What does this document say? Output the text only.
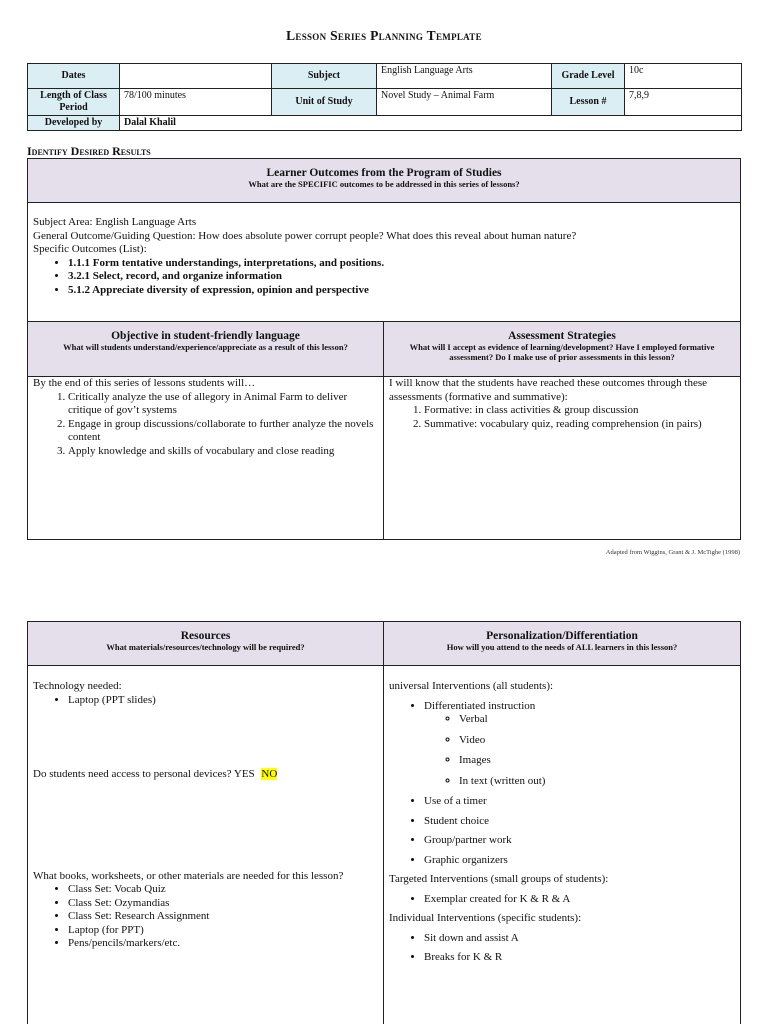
Lesson Series Planning Template
Dates		Subject	English Language Arts	Grade Level	10c
Length of Class Period	78/100 minutes	Unit of Study	Novel Study – Animal Farm	Lesson #	7,8,9
Developed by	Dalal Khalil				
Identify Desired Results
Learner Outcomes from the Program of Studies
What are the SPECIFIC outcomes to be addressed in this series of lessons?
Subject Area: English Language Arts
General Outcome/Guiding Question: How does absolute power corrupt people? What does this reveal about human nature?
Specific Outcomes (List):
• 1.1.1 Form tentative understandings, interpretations, and positions.
• 3.2.1 Select, record, and organize information
• 5.1.2 Appreciate diversity of expression, opinion and perspective
Objective in student-friendly language
What will students understand/experience/appreciate as a result of this lesson?
By the end of this series of lessons students will…
1. Critically analyze the use of allegory in Animal Farm to deliver critique of gov’t systems
2. Engage in group discussions/collaborate to further analyze the novels content
3. Apply knowledge and skills of vocabulary and close reading
Assessment Strategies
What will I accept as evidence of learning/development? Have I employed formative assessment? Do I make use of prior assessments in this lesson?
I will know that the students have reached these outcomes through these assessments (formative and summative):
1. Formative: in class activities & group discussion
2. Summative: vocabulary quiz, reading comprehension (in pairs)
Adapted from Wiggins, Grant & J. McTighe (1998)
Resources
What materials/resources/technology will be required?
Technology needed:
• Laptop (PPT slides)
Do students need access to personal devices? YES NO
What books, worksheets, or other materials are needed for this lesson?
• Class Set: Vocab Quiz
• Class Set: Ozymandias
• Class Set: Research Assignment
• Laptop (for PPT)
• Pens/pencils/markers/etc.
Personalization/Differentiation
How will you attend to the needs of ALL learners in this lesson?
universal Interventions (all students):
• Differentiated instruction
◦ Verbal
◦ Video
◦ Images
◦ In text (written out)
• Use of a timer
• Student choice
• Group/partner work
• Graphic organizers
Targeted Interventions (small groups of students):
• Exemplar created for K & R & A
Individual Interventions (specific students):
• Sit down and assist A
• Breaks for K & R
